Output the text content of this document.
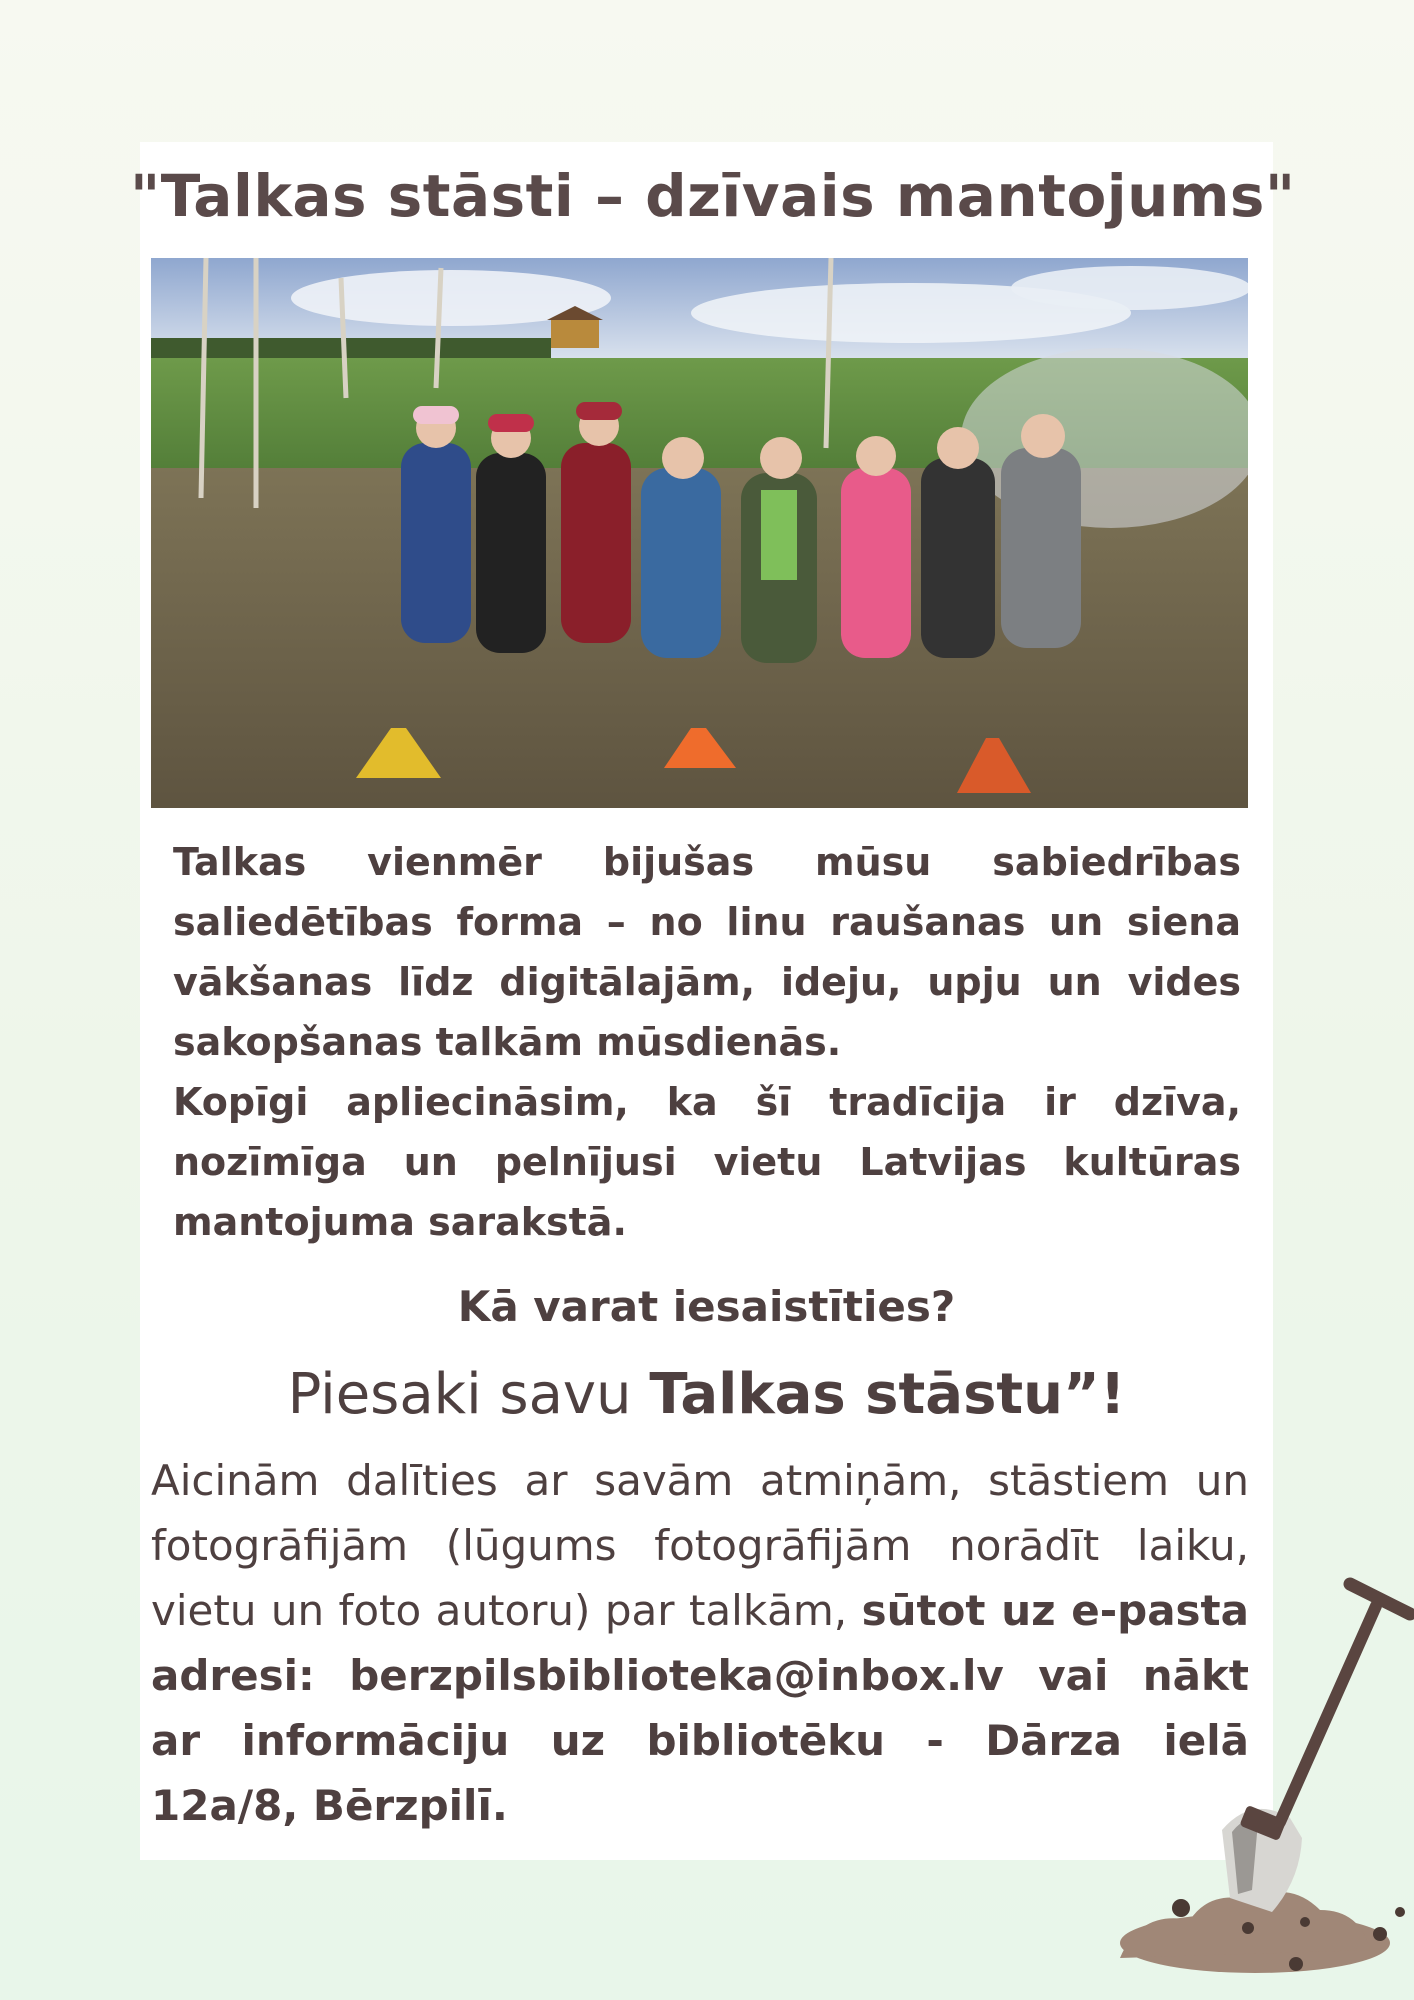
"Talkas stāsti – dzīvais mantojums"

Talkas vienmēr bijušas mūsu sabiedrības saliedētības forma – no linu raušanas un siena vākšanas līdz digitālajām, ideju, upju un vides sakopšanas talkām mūsdienās.

Kopīgi apliecināsim, ka šī tradīcija ir dzīva, nozīmīga un pelnījusi vietu Latvijas kultūras mantojuma sarakstā.

Kā varat iesaistīties?
Piesaki savu Talkas stāstu”!
Aicinām dalīties ar savām atmiņām, stāstiem un fotogrāfijām (lūgums fotogrāfijām norādīt laiku, vietu un foto autoru) par talkām, sūtot uz e-pasta adresi: berzpilsbiblioteka@inbox.lv vai nākt ar informāciju uz bibliotēku - Dārza ielā 12a/8, Bērzpilī.
